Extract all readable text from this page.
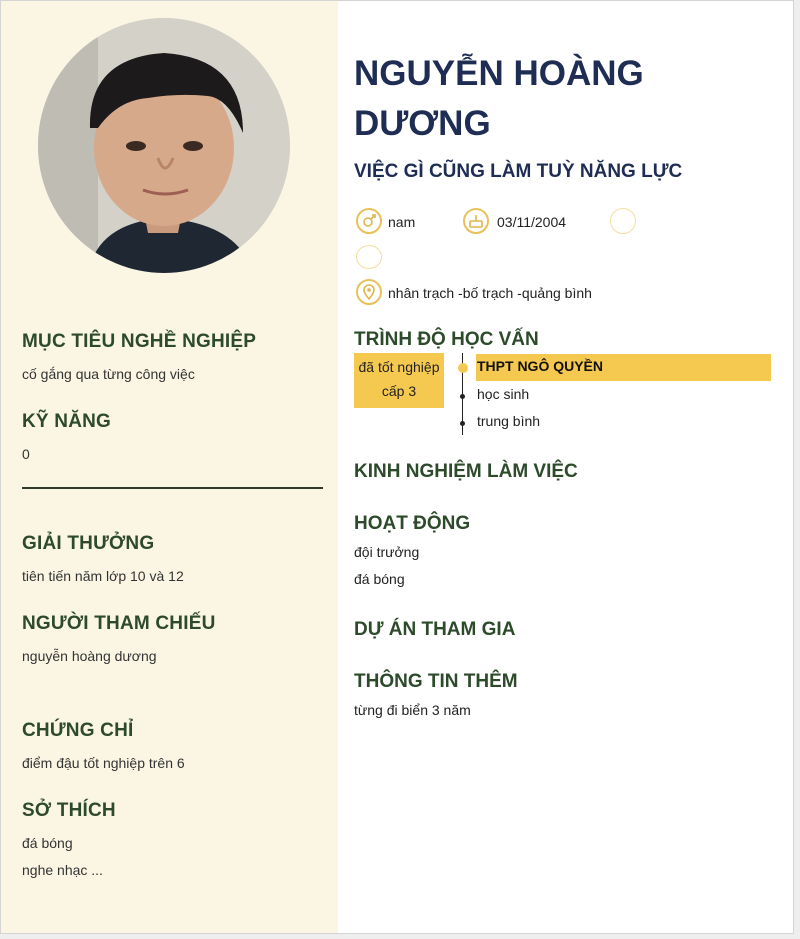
MỤC TIÊU NGHỀ NGHIỆP
cố gắng qua từng công việc
KỸ NĂNG
0
GIẢI THƯỞNG
tiên tiến năm lớp 10 và 12
NGƯỜI THAM CHIẾU
nguyễn hoàng dương
CHỨNG CHỈ
điểm đậu tốt nghiệp trên 6
SỞ THÍCH
đá bóng
nghe nhạc ...
NGUYỄN HOÀNG
DƯƠNG
VIỆC GÌ CŨNG LÀM TUỲ NĂNG LỰC
nam	03/11/2004
nhân trạch -bố trạch -quảng bình
TRÌNH ĐỘ HỌC VẤN
đã tốt nghiệp
cấp 3
THPT NGÔ QUYỀN
học sinh
trung bình
KINH NGHIỆM LÀM VIỆC
HOẠT ĐỘNG
đội trưởng
đá bóng
DỰ ÁN THAM GIA
THÔNG TIN THÊM
từng đi biển 3 năm
